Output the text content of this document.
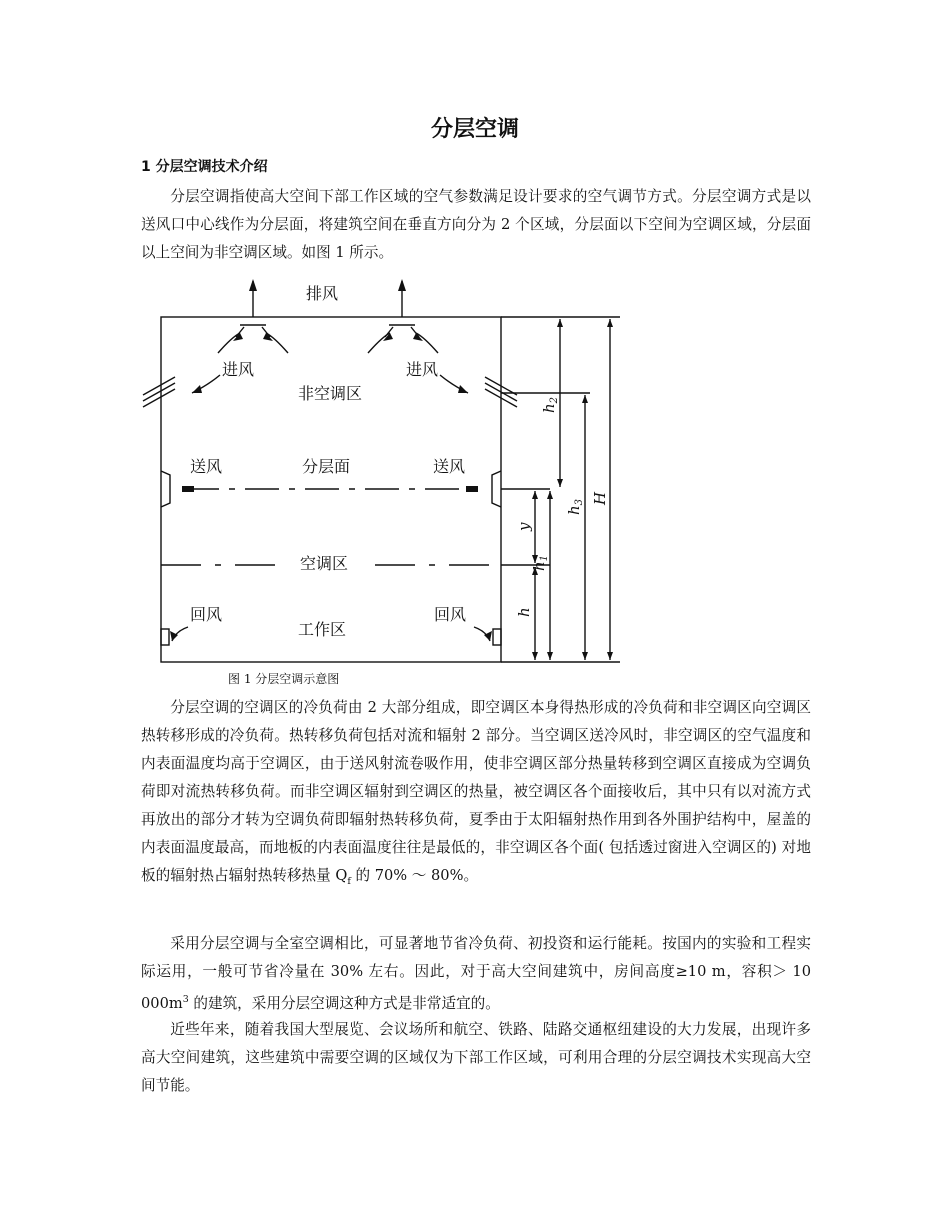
分层空调
1 分层空调技术介绍

分层空调指使高大空间下部工作区域的空气参数满足设计要求的空气调节方式。分层空调方式是以送风口中心线作为分层面，将建筑空间在垂直方向分为 2 个区域，分层面以下空间为空调区域，分层面以上空间为非空调区域。如图 1 所示。

排风
进风	进风
非空调区
送风	分层面	送风
空调区
回风
工作区
回风
$h_2$
$h_3$ H
y
$h_1$
h
图 1 分层空调示意图

分层空调的空调区的冷负荷由 2 大部分组成，即空调区本身得热形成的冷负荷和非空调区向空调区热转移形成的冷负荷。热转移负荷包括对流和辐射 2 部分。当空调区送冷风时，非空调区的空气温度和内表面温度均高于空调区，由于送风射流卷吸作用，使非空调区部分热量转移到空调区直接成为空调负荷即对流热转移负荷。而非空调区辐射到空调区的热量，被空调区各个面接收后，其中只有以对流方式再放出的部分才转为空调负荷即辐射热转移负荷，夏季由于太阳辐射热作用到各外围护结构中，屋盖的内表面温度最高，而地板的内表面温度往往是最低的，非空调区各个面( 包括透过窗进入空调区的) 对地板的辐射热占辐射热转移热量 $Q_f$ 的 70% ～ 80%。

采用分层空调与全室空调相比，可显著地节省冷负荷、初投资和运行能耗。按国内的实验和工程实际运用，一般可节省冷量在 30% 左右。因此，对于高大空间建筑中，房间高度≥10 m，容积＞ 10 $000m^3$ 的建筑，采用分层空调这种方式是非常适宜的。

近些年来，随着我国大型展览、会议场所和航空、铁路、陆路交通枢纽建设的大力发展，出现许多高大空间建筑，这些建筑中需要空调的区域仅为下部工作区域，可利用合理的分层空调技术实现高大空间节能。
